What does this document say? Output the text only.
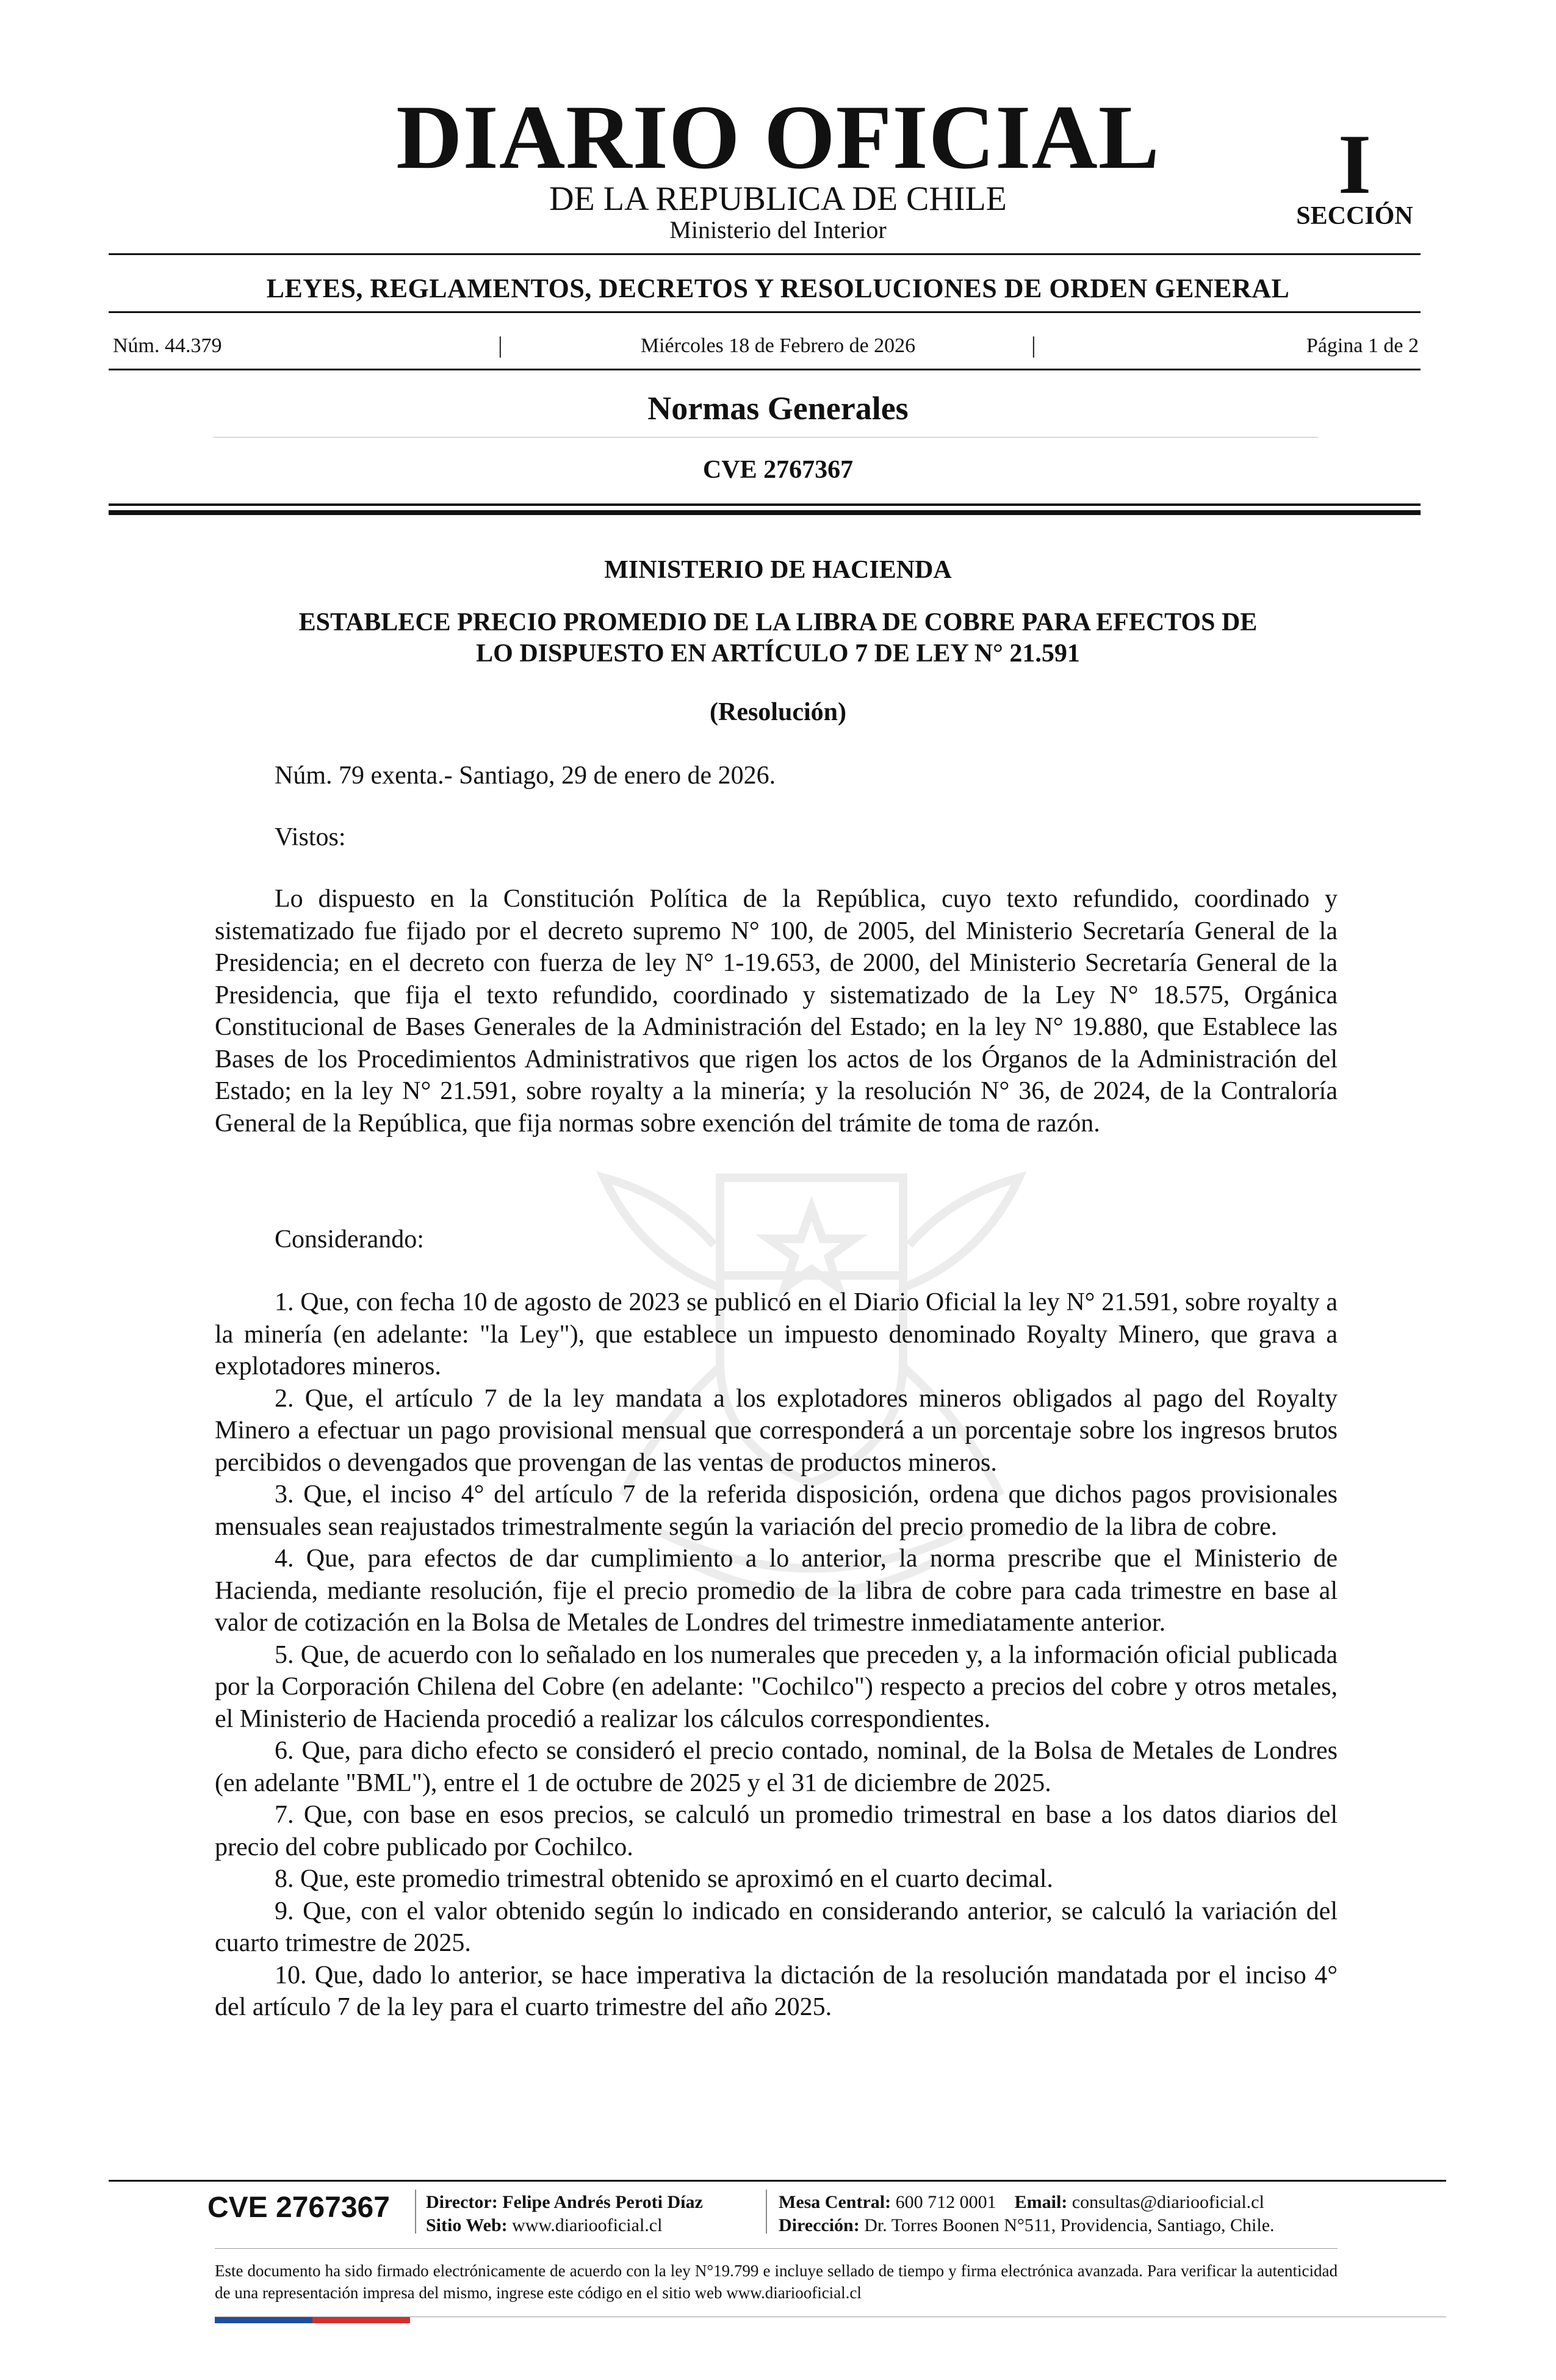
DIARIO OFICIAL
DE LA REPUBLICA DE CHILE
Ministerio del Interior
I
SECCIÓN
LEYES, REGLAMENTOS, DECRETOS Y RESOLUCIONES DE ORDEN GENERAL
Núm. 44.379	|	Miércoles 18 de Febrero de 2026	|	Página 1 de 2
Normas Generales
CVE 2767367
MINISTERIO DE HACIENDA
ESTABLECE PRECIO PROMEDIO DE LA LIBRA DE COBRE PARA EFECTOS DE
LO DISPUESTO EN ARTÍCULO 7 DE LEY N° 21.591
(Resolución)
Núm. 79 exenta.- Santiago, 29 de enero de 2026.
Vistos:

Lo dispuesto en la Constitución Política de la República, cuyo texto refundido, coordinado y sistematizado fue fijado por el decreto supremo N° 100, de 2005, del Ministerio Secretaría General de la Presidencia; en el decreto con fuerza de ley N° 1-19.653, de 2000, del Ministerio Secretaría General de la Presidencia, que fija el texto refundido, coordinado y sistematizado de la Ley N° 18.575, Orgánica Constitucional de Bases Generales de la Administración del Estado; en la ley N° 19.880, que Establece las Bases de los Procedimientos Administrativos que rigen los actos de los Órganos de la Administración del Estado; en la ley N° 21.591, sobre royalty a la minería; y la resolución N° 36, de 2024, de la Contraloría General de la República, que fija normas sobre exención del trámite de toma de razón.

Considerando:

1. Que, con fecha 10 de agosto de 2023 se publicó en el Diario Oficial la ley N° 21.591, sobre royalty a la minería (en adelante: "la Ley"), que establece un impuesto denominado Royalty Minero, que grava a explotadores mineros.

2. Que, el artículo 7 de la ley mandata a los explotadores mineros obligados al pago del Royalty Minero a efectuar un pago provisional mensual que corresponderá a un porcentaje sobre los ingresos brutos percibidos o devengados que provengan de las ventas de productos mineros.

3. Que, el inciso 4° del artículo 7 de la referida disposición, ordena que dichos pagos provisionales mensuales sean reajustados trimestralmente según la variación del precio promedio de la libra de cobre.

4. Que, para efectos de dar cumplimiento a lo anterior, la norma prescribe que el Ministerio de Hacienda, mediante resolución, fije el precio promedio de la libra de cobre para cada trimestre en base al valor de cotización en la Bolsa de Metales de Londres del trimestre inmediatamente anterior.

5. Que, de acuerdo con lo señalado en los numerales que preceden y, a la información oficial publicada por la Corporación Chilena del Cobre (en adelante: "Cochilco") respecto a precios del cobre y otros metales, el Ministerio de Hacienda procedió a realizar los cálculos correspondientes.

6. Que, para dicho efecto se consideró el precio contado, nominal, de la Bolsa de Metales de Londres (en adelante "BML"), entre el 1 de octubre de 2025 y el 31 de diciembre de 2025.

7. Que, con base en esos precios, se calculó un promedio trimestral en base a los datos diarios del precio del cobre publicado por Cochilco.

8. Que, este promedio trimestral obtenido se aproximó en el cuarto decimal.

9. Que, con el valor obtenido según lo indicado en considerando anterior, se calculó la variación del cuarto trimestre de 2025.

10. Que, dado lo anterior, se hace imperativa la dictación de la resolución mandatada por el inciso 4° del artículo 7 de la ley para el cuarto trimestre del año 2025.

CVE 2767367 Director: Felipe Andrés Peroti Díaz
Sitio Web: www.diariooficial.cl
Mesa Central: 600 712 0001 Email: consultas@diariooficial.cl
Dirección: Dr. Torres Boonen N°511, Providencia, Santiago, Chile.
Este documento ha sido firmado electrónicamente de acuerdo con la ley N°19.799 e incluye sellado de tiempo y firma electrónica avanzada. Para verificar la autenticidad de una representación impresa del mismo, ingrese este código en el sitio web www.diariooficial.cl
